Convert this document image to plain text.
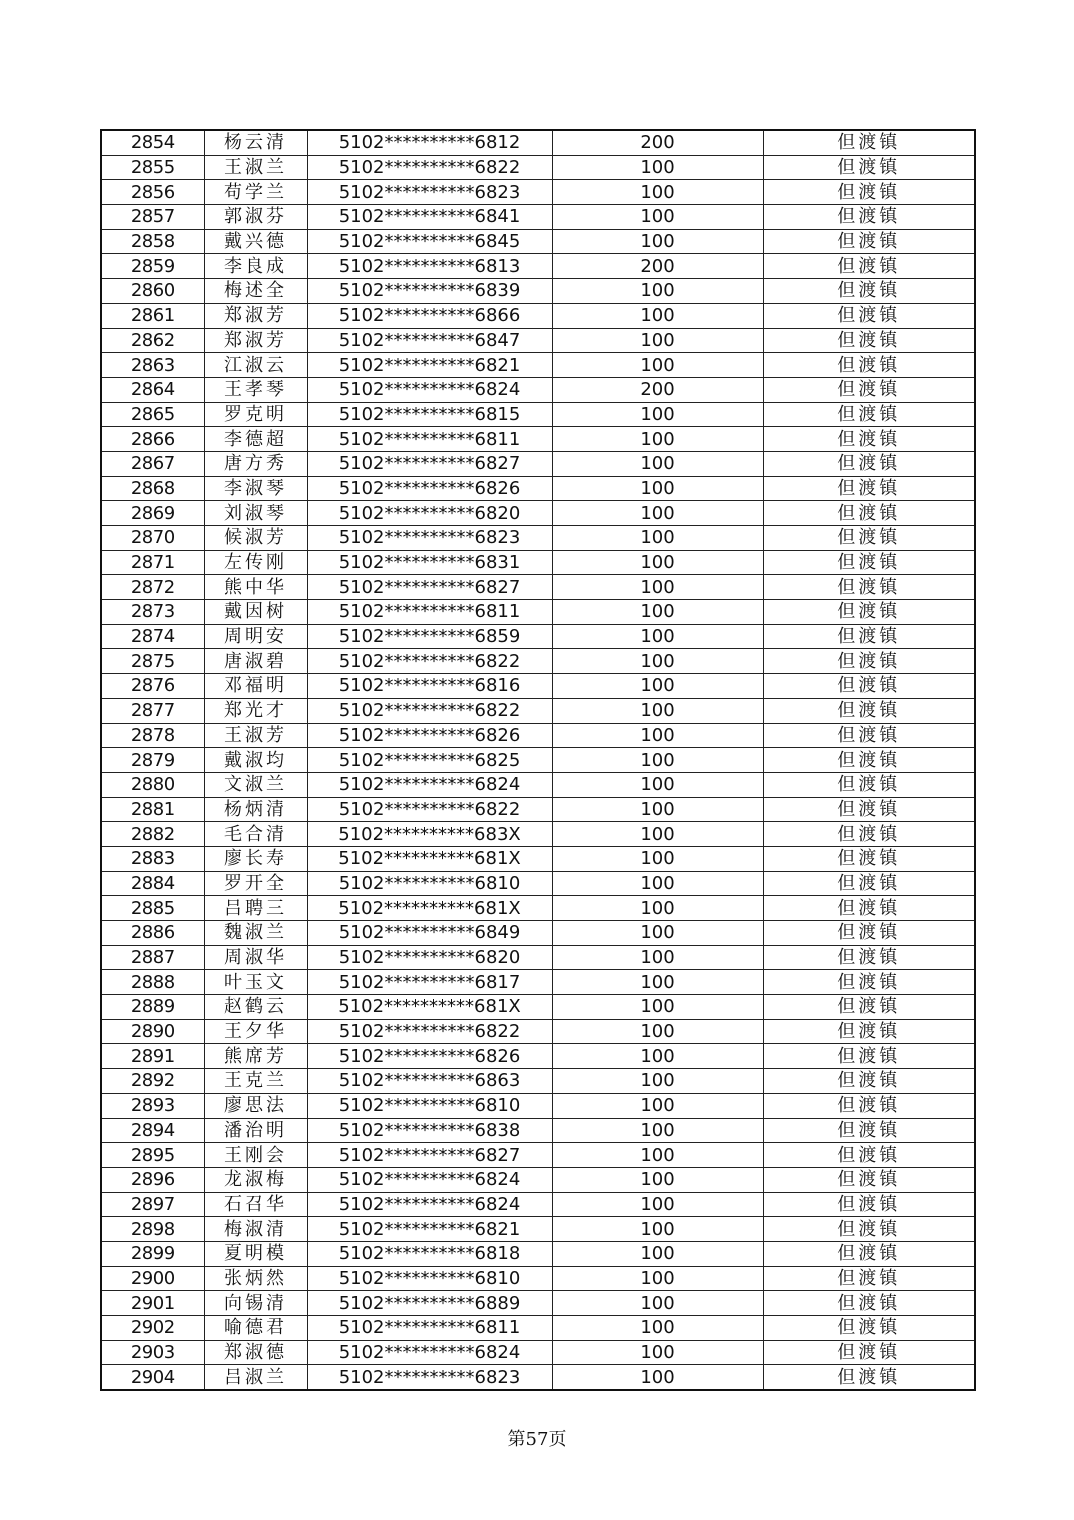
2854	杨云清	5102**********6812	200	但渡镇
2855	王淑兰	5102**********6822	100	但渡镇
2856	苟学兰	5102**********6823	100	但渡镇
2857	郭淑芬	5102**********6841	100	但渡镇
2858	戴兴德	5102**********6845	100	但渡镇
2859	李良成	5102**********6813	200	但渡镇
2860	梅述全	5102**********6839	100	但渡镇
2861	郑淑芳	5102**********6866	100	但渡镇
2862	郑淑芳	5102**********6847	100	但渡镇
2863	江淑云	5102**********6821	100	但渡镇
2864	王孝琴	5102**********6824	200	但渡镇
2865	罗克明	5102**********6815	100	但渡镇
2866	李德超	5102**********6811	100	但渡镇
2867	唐方秀	5102**********6827	100	但渡镇
2868	李淑琴	5102**********6826	100	但渡镇
2869	刘淑琴	5102**********6820	100	但渡镇
2870	候淑芳	5102**********6823	100	但渡镇
2871	左传刚	5102**********6831	100	但渡镇
2872	熊中华	5102**********6827	100	但渡镇
2873	戴因树	5102**********6811	100	但渡镇
2874	周明安	5102**********6859	100	但渡镇
2875	唐淑碧	5102**********6822	100	但渡镇
2876	邓福明	5102**********6816	100	但渡镇
2877	郑光才	5102**********6822	100	但渡镇
2878	王淑芳	5102**********6826	100	但渡镇
2879	戴淑均	5102**********6825	100	但渡镇
2880	文淑兰	5102**********6824	100	但渡镇
2881	杨炳清	5102**********6822	100	但渡镇
2882	毛合清	5102**********683X	100	但渡镇
2883	廖长寿	5102**********681X	100	但渡镇
2884	罗开全	5102**********6810	100	但渡镇
2885	吕聘三	5102**********681X	100	但渡镇
2886	魏淑兰	5102**********6849	100	但渡镇
2887	周淑华	5102**********6820	100	但渡镇
2888	叶玉文	5102**********6817	100	但渡镇
2889	赵鹤云	5102**********681X	100	但渡镇
2890	王夕华	5102**********6822	100	但渡镇
2891	熊席芳	5102**********6826	100	但渡镇
2892	王克兰	5102**********6863	100	但渡镇
2893	廖思法	5102**********6810	100	但渡镇
2894	潘治明	5102**********6838	100	但渡镇
2895	王刚会	5102**********6827	100	但渡镇
2896	龙淑梅	5102**********6824	100	但渡镇
2897	石召华	5102**********6824	100	但渡镇
2898	梅淑清	5102**********6821	100	但渡镇
2899	夏明模	5102**********6818	100	但渡镇
2900	张炳然	5102**********6810	100	但渡镇
2901	向锡清	5102**********6889	100	但渡镇
2902	喻德君	5102**********6811	100	但渡镇
2903	郑淑德	5102**********6824	100	但渡镇
2904	吕淑兰	5102**********6823	100	但渡镇
第57页
